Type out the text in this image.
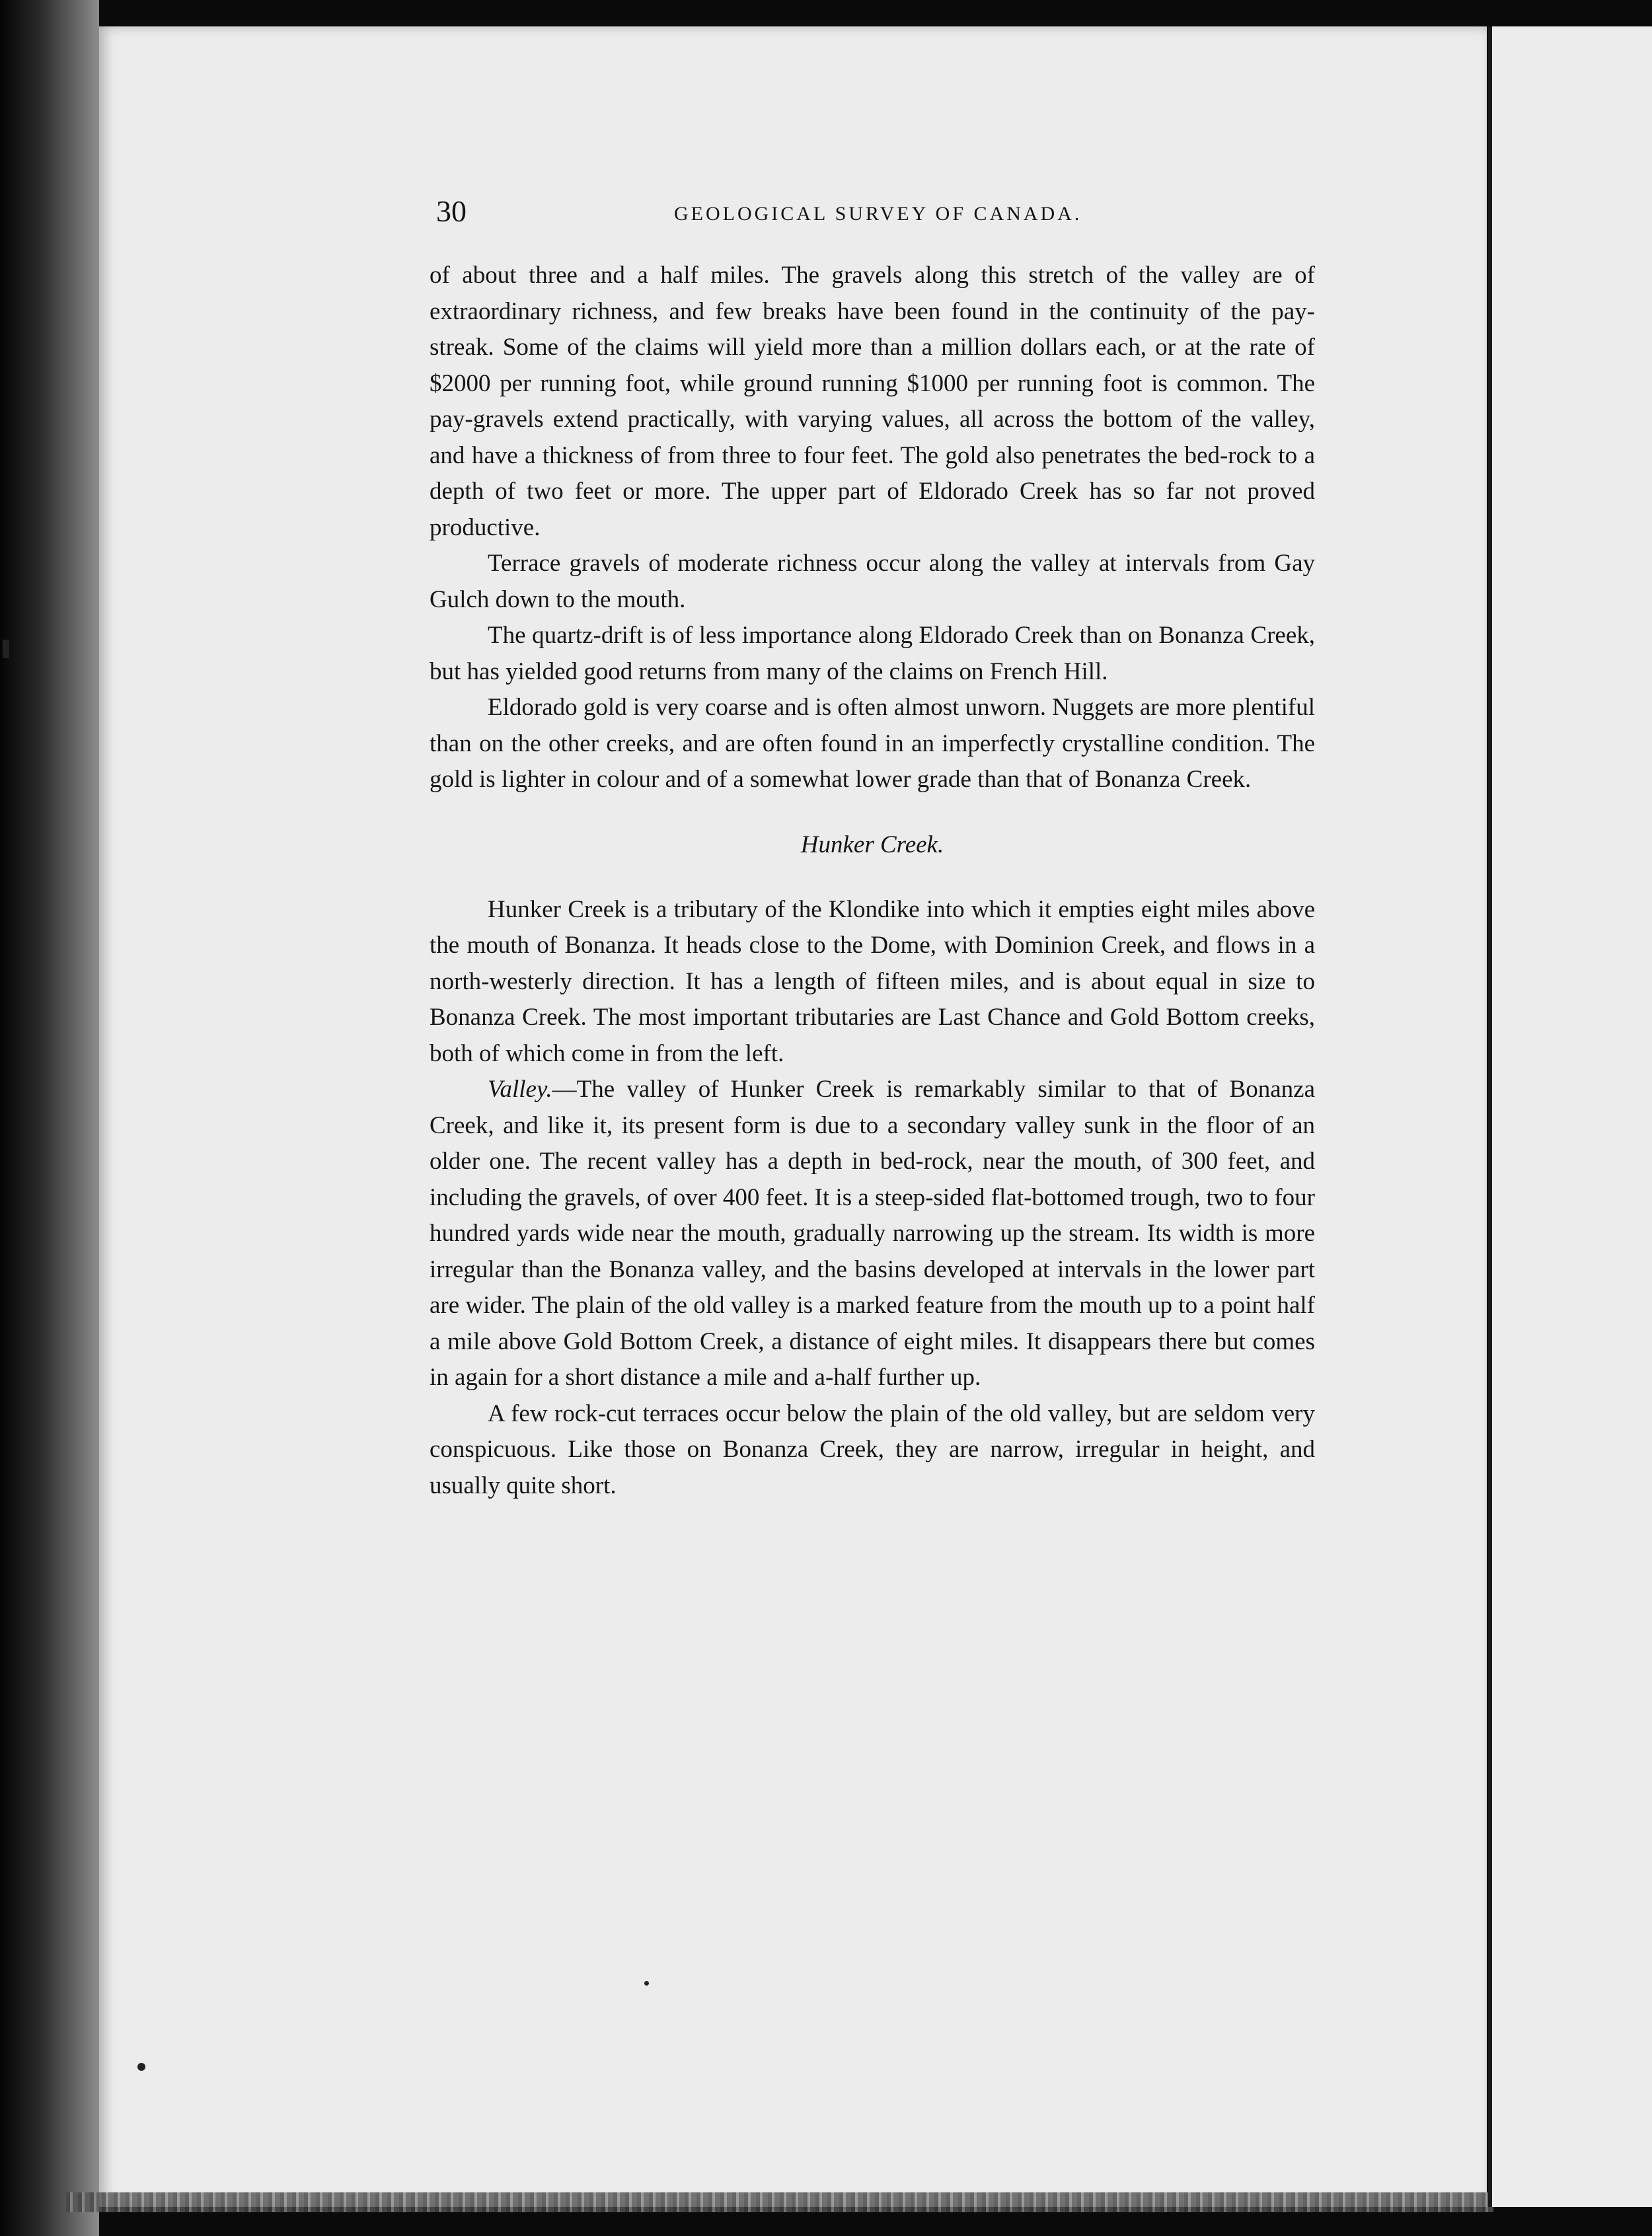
30	GEOLOGICAL SURVEY OF CANADA.

of about three and a half miles. The gravels along this stretch of the valley are of extraordinary richness, and few breaks have been found in the continuity of the pay-streak. Some of the claims will yield more than a million dollars each, or at the rate of $2000 per running foot, while ground running $1000 per running foot is common. The pay-gravels extend practically, with varying values, all across the bottom of the valley, and have a thickness of from three to four feet. The gold also penetrates the bed-rock to a depth of two feet or more. The upper part of Eldorado Creek has so far not proved productive.

Terrace gravels of moderate richness occur along the valley at intervals from Gay Gulch down to the mouth.

The quartz-drift is of less importance along Eldorado Creek than on Bonanza Creek, but has yielded good returns from many of the claims on French Hill.

Eldorado gold is very coarse and is often almost unworn. Nuggets are more plentiful than on the other creeks, and are often found in an imperfectly crystalline condition. The gold is lighter in colour and of a somewhat lower grade than that of Bonanza Creek.

Hunker Creek.

Hunker Creek is a tributary of the Klondike into which it empties eight miles above the mouth of Bonanza. It heads close to the Dome, with Dominion Creek, and flows in a north-westerly direction. It has a length of fifteen miles, and is about equal in size to Bonanza Creek. The most important tributaries are Last Chance and Gold Bottom creeks, both of which come in from the left.

Valley.—The valley of Hunker Creek is remarkably similar to that of Bonanza Creek, and like it, its present form is due to a secondary valley sunk in the floor of an older one. The recent valley has a depth in bed-rock, near the mouth, of 300 feet, and including the gravels, of over 400 feet. It is a steep-sided flat-bottomed trough, two to four hundred yards wide near the mouth, gradually narrowing up the stream. Its width is more irregular than the Bonanza valley, and the basins developed at intervals in the lower part are wider. The plain of the old valley is a marked feature from the mouth up to a point half a mile above Gold Bottom Creek, a distance of eight miles. It disappears there but comes in again for a short distance a mile and a-half further up.

A few rock-cut terraces occur below the plain of the old valley, but are seldom very conspicuous. Like those on Bonanza Creek, they are narrow, irregular in height, and usually quite short.
